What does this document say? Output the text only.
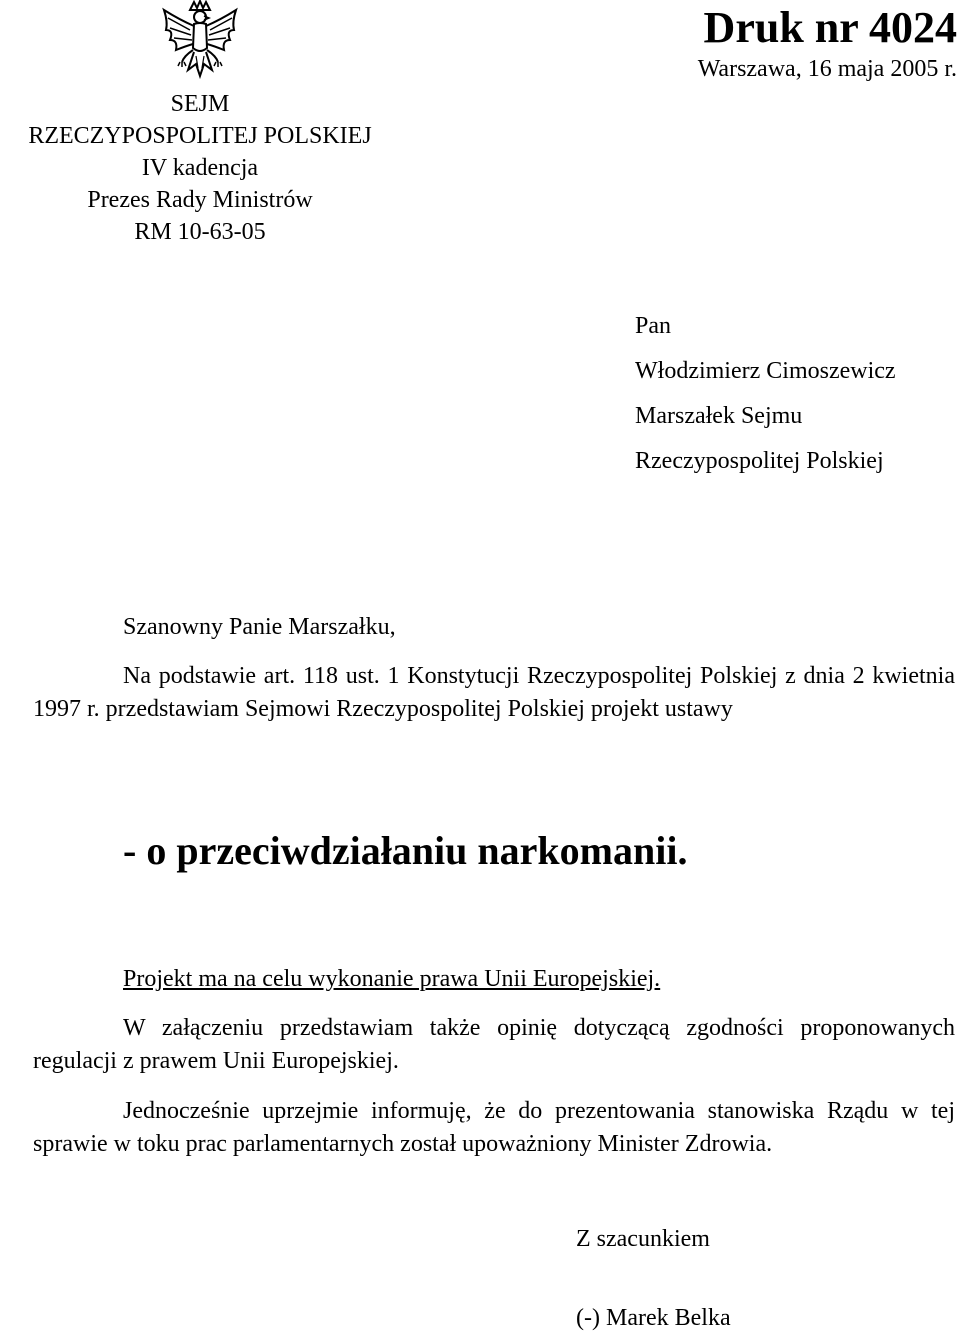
SEJM
RZECZYPOSPOLITEJ POLSKIEJ
IV kadencja
Prezes Rady Ministrów
RM 10-63-05
Druk nr 4024
Warszawa, 16 maja 2005 r.
Pan
Włodzimierz Cimoszewicz
Marszałek Sejmu
Rzeczypospolitej Polskiej
Szanowny Panie Marszałku,
Na podstawie art. 118 ust. 1 Konstytucji Rzeczypospolitej Polskiej z dnia 2 kwietnia 1997 r. przedstawiam Sejmowi Rzeczypospolitej Polskiej projekt ustawy
- o przeciwdziałaniu narkomanii.
Projekt ma na celu wykonanie prawa Unii Europejskiej.
W załączeniu przedstawiam także opinię dotyczącą zgodności proponowanych regulacji z prawem Unii Europejskiej.
Jednocześnie uprzejmie informuję, że do prezentowania stanowiska Rządu w tej sprawie w toku prac parlamentarnych został upoważniony Minister Zdrowia.
Z szacunkiem
(-) Marek Belka
